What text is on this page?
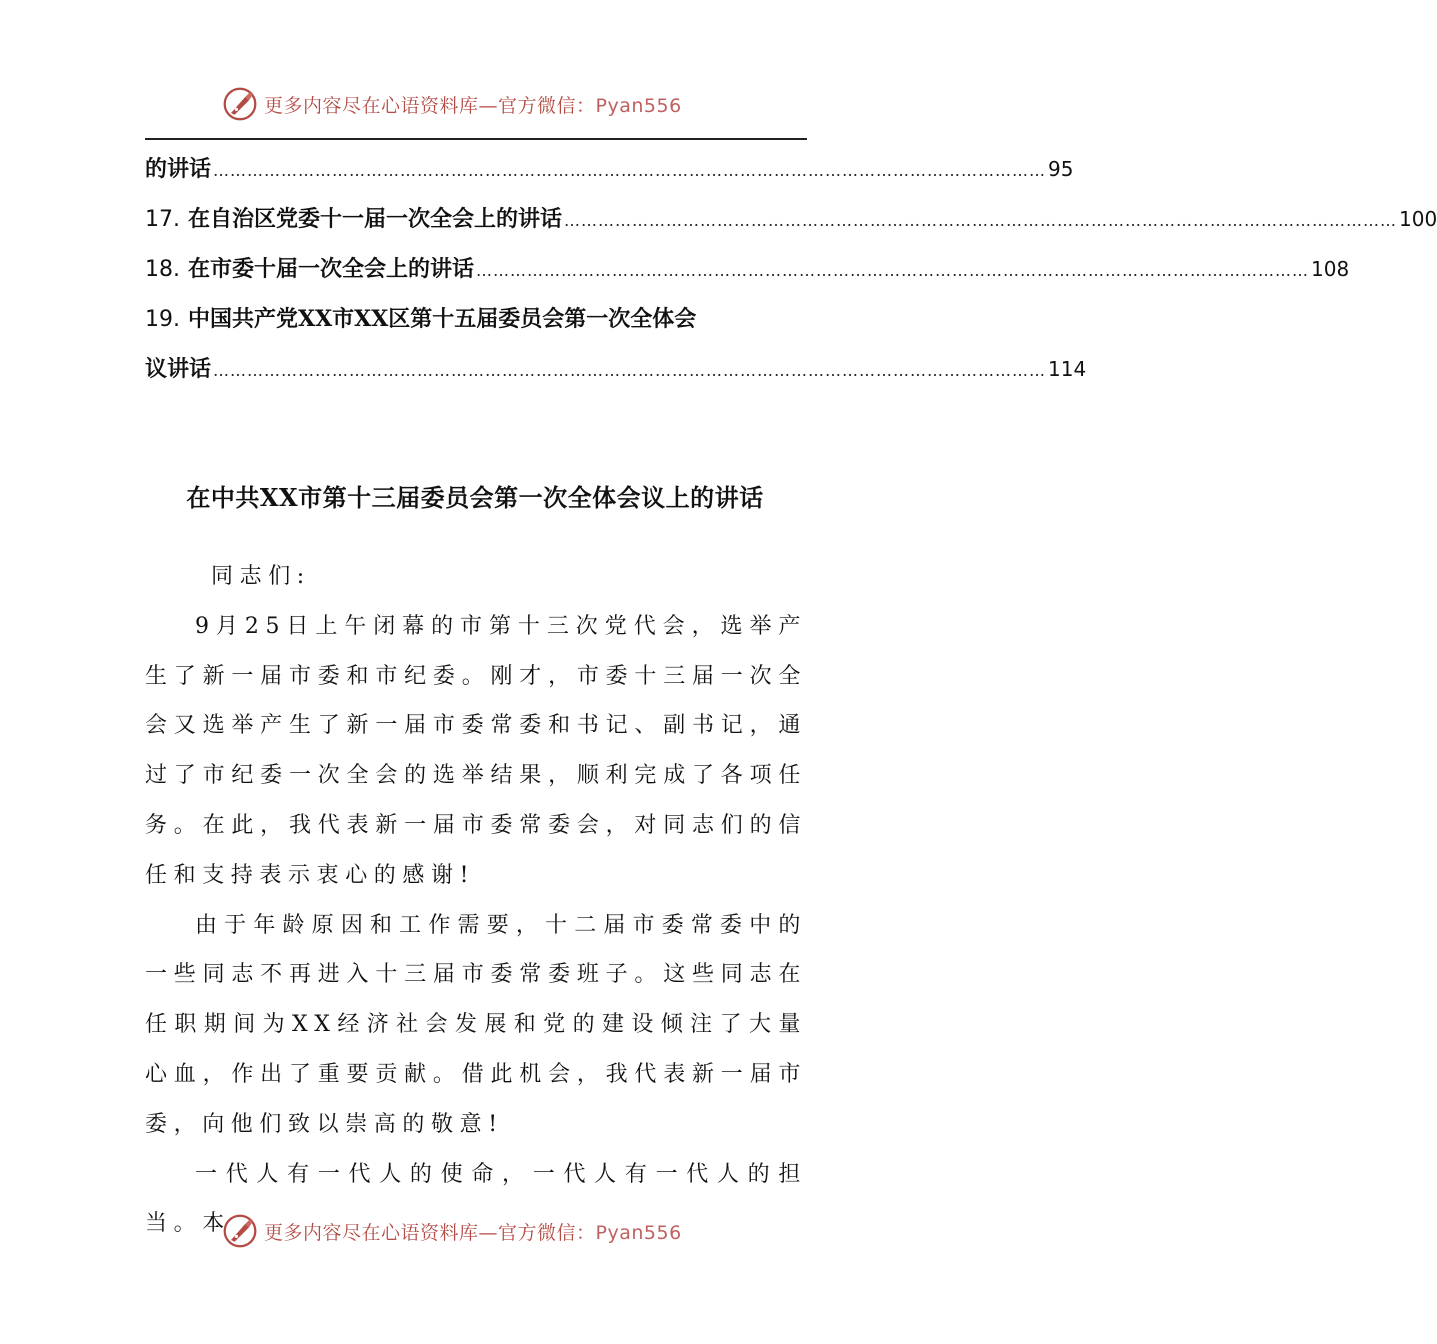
更多内容尽在心语资料库—官方微信：Pyan556
的讲话 ………………………………………………………………………………………………………………………………… 95
17. 在自治区党委十一届一次全会上的讲话 ………………………………………………………………………………………………………………………………… 100
18. 在市委十届一次全会上的讲话 ………………………………………………………………………………………………………………………………… 108
19. 中国共产党XX市XX区第十五届委员会第一次全体会
议讲话 ………………………………………………………………………………………………………………………………… 114
在中共XX市第十三届委员会第一次全体会议上的讲话

同志们:

9月25日上午闭幕的市第十三次党代会，选举产生了新一届市委和市纪委。刚才，市委十三届一次全会又选举产生了新一届市委常委和书记、副书记，通过了市纪委一次全会的选举结果，顺利完成了各项任务。在此，我代表新一届市委常委会，对同志们的信任和支持表示衷心的感谢!

由于年龄原因和工作需要，十二届市委常委中的一些同志不再进入十三届市委常委班子。这些同志在任职期间为XX经济社会发展和党的建设倾注了大量心血，作出了重要贡献。借此机会，我代表新一届市委，向他们致以崇高的敬意!

一代人有一代人的使命，一代人有一代人的担当。本	更多内容尽在心语资料库—官方微信：Pyan556
